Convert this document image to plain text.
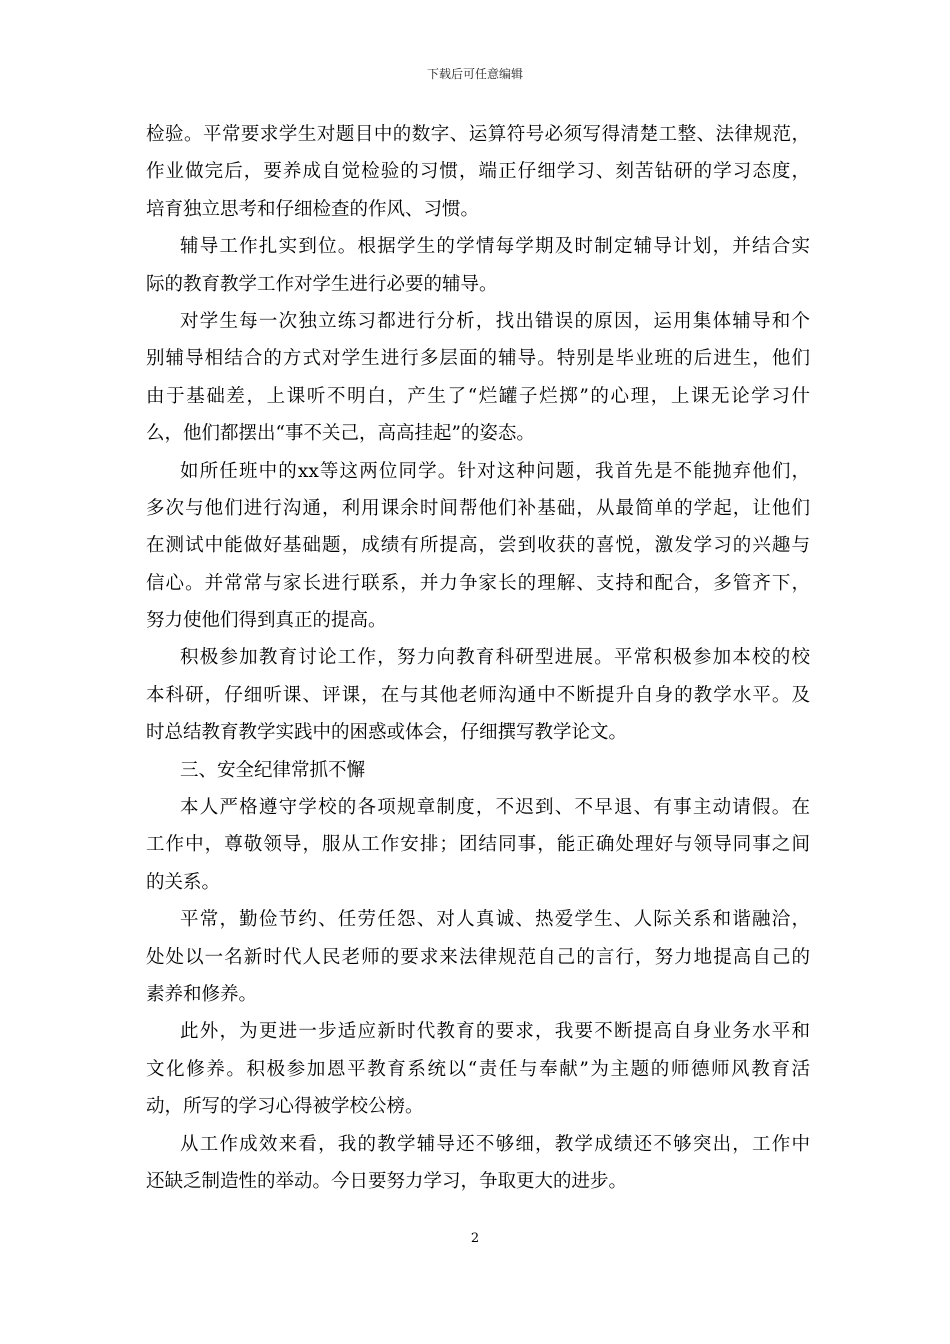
下载后可任意编辑
检验。平常要求学生对题目中的数字、运算符号必须写得清楚工整、法律规范，
作业做完后，要养成自觉检验的习惯，端正仔细学习、刻苦钻研的学习态度，
培育独立思考和仔细检查的作风、习惯。
辅导工作扎实到位。根据学生的学情每学期及时制定辅导计划，并结合实
际的教育教学工作对学生进行必要的辅导。
对学生每一次独立练习都进行分析，找出错误的原因，运用集体辅导和个
别辅导相结合的方式对学生进行多层面的辅导。特别是毕业班的后进生，他们
由于基础差，上课听不明白，产生了“烂罐子烂掷”的心理，上课无论学习什
么，他们都摆出“事不关己，高高挂起”的姿态。
如所任班中的xx等这两位同学。针对这种问题，我首先是不能抛弃他们，
多次与他们进行沟通，利用课余时间帮他们补基础，从最简单的学起，让他们
在测试中能做好基础题，成绩有所提高，尝到收获的喜悦，激发学习的兴趣与
信心。并常常与家长进行联系，并力争家长的理解、支持和配合，多管齐下，
努力使他们得到真正的提高。
积极参加教育讨论工作，努力向教育科研型进展。平常积极参加本校的校
本科研，仔细听课、评课，在与其他老师沟通中不断提升自身的教学水平。及
时总结教育教学实践中的困惑或体会，仔细撰写教学论文。
三、安全纪律常抓不懈
本人严格遵守学校的各项规章制度，不迟到、不早退、有事主动请假。在
工作中，尊敬领导，服从工作安排；团结同事，能正确处理好与领导同事之间
的关系。
平常，勤俭节约、任劳任怨、对人真诚、热爱学生、人际关系和谐融洽，
处处以一名新时代人民老师的要求来法律规范自己的言行，努力地提高自己的
素养和修养。
此外，为更进一步适应新时代教育的要求，我要不断提高自身业务水平和
文化修养。积极参加恩平教育系统以“责任与奉献”为主题的师德师风教育活
动，所写的学习心得被学校公榜。
从工作成效来看，我的教学辅导还不够细，教学成绩还不够突出，工作中
还缺乏制造性的举动。今日要努力学习，争取更大的进步。
2
